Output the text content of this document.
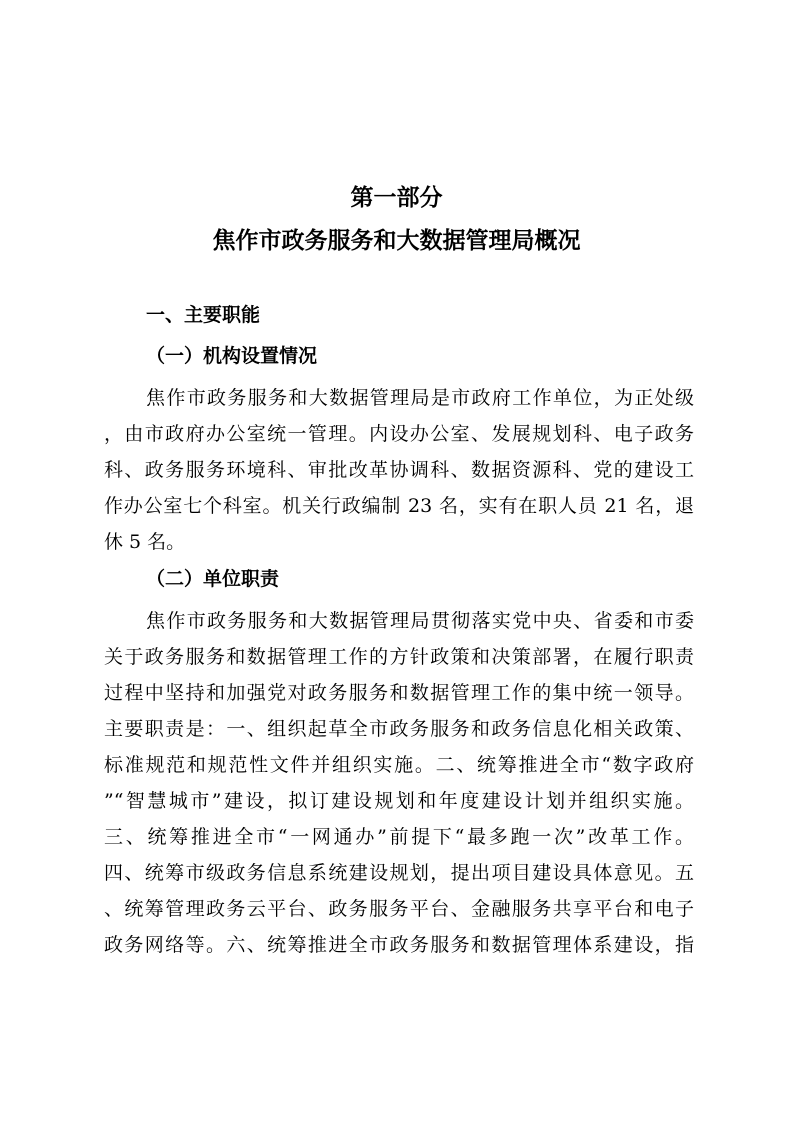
第一部分
焦作市政务服务和大数据管理局概况
一、主要职能
（一）机构设置情况

焦作市政务服务和大数据管理局是市政府工作单位，为正处级

，由市政府办公室统一管理。内设办公室、发展规划科、电子政务

科、政务服务环境科、审批改革协调科、数据资源科、党的建设工

作办公室七个科室。机关行政编制 23 名，实有在职人员 21 名，退

休 5 名。

（二）单位职责

焦作市政务服务和大数据管理局贯彻落实党中央、省委和市委

关于政务服务和数据管理工作的方针政策和决策部署，在履行职责

过程中坚持和加强党对政务服务和数据管理工作的集中统一领导。

主要职责是：一、组织起草全市政务服务和政务信息化相关政策、

标准规范和规范性文件并组织实施。二、统筹推进全市“数字政府

”“智慧城市”建设，拟订建设规划和年度建设计划并组织实施。

三、统筹推进全市“一网通办”前提下“最多跑一次”改革工作。

四、统筹市级政务信息系统建设规划，提出项目建设具体意见。五

、统筹管理政务云平台、政务服务平台、金融服务共享平台和电子

政务网络等。六、统筹推进全市政务服务和数据管理体系建设，指
